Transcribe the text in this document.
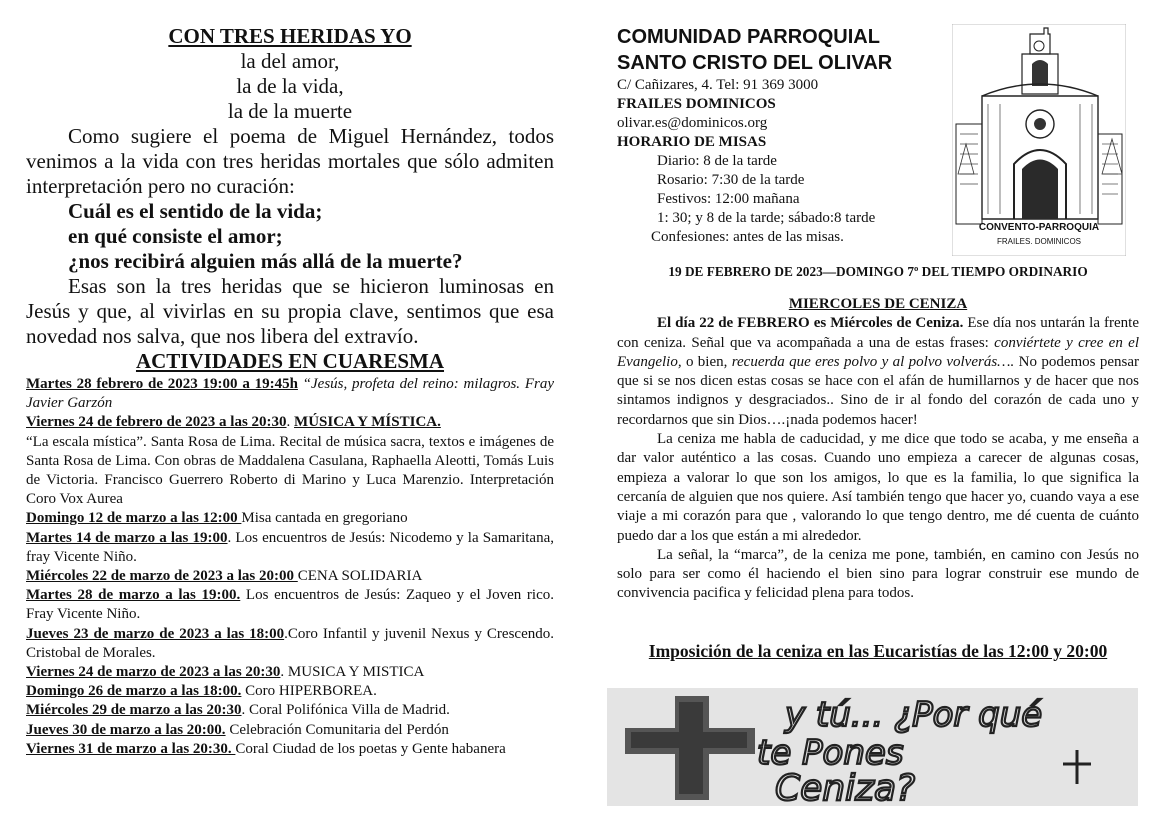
CON TRES HERIDAS YO
la del amor,
la de la vida,
la de la muerte
Como sugiere el poema de Miguel Hernández, todos venimos a la vida con tres heridas mortales que sólo admiten interpretación pero no curación:
Cuál es el sentido de la vida;
en qué consiste el amor;
¿nos recibirá alguien más allá de la muerte?
Esas son la tres heridas que se hicieron luminosas en Jesús y que, al vivirlas en su propia clave, sentimos que esa novedad nos salva, que nos libera del extravío.
ACTIVIDADES EN CUARESMA

Martes 28 febrero de 2023 19:00 a 19:45h “Jesús, profeta del reino: milagros. Fray Javier Garzón

Viernes 24 de febrero de 2023 a las 20:30. MÚSICA Y MÍSTICA.
“La escala mística”. Santa Rosa de Lima. Recital de música sacra, textos e imágenes de Santa Rosa de Lima. Con obras de Maddalena Casulana, Raphaella Aleotti, Tomás Luis de Victoria. Francisco Guerrero Roberto di Marino y Luca Marenzio. Interpretación Coro Vox Aurea

Domingo 12 de marzo a las 12:00 Misa cantada en gregoriano

Martes 14 de marzo a las 19:00. Los encuentros de Jesús: Nicodemo y la Samaritana, fray Vicente Niño.

Miércoles 22 de marzo de 2023 a las 20:00 CENA SOLIDARIA

Martes 28 de marzo a las 19:00. Los encuentros de Jesús: Zaqueo y el Joven rico. Fray Vicente Niño.

Jueves 23 de marzo de 2023 a las 18:00.Coro Infantil y juvenil Nexus y Crescendo. Cristobal de Morales.

Viernes 24 de marzo de 2023 a las 20:30. MUSICA Y MISTICA

Domingo 26 de marzo a las 18:00. Coro HIPERBOREA.

Miércoles 29 de marzo a las 20:30. Coral Polifónica Villa de Madrid.

Jueves 30 de marzo a las 20:00. Celebración Comunitaria del Perdón

Viernes 31 de marzo a las 20:30. Coral Ciudad de los poetas y Gente habanera

COMUNIDAD PARROQUIAL
SANTO CRISTO DEL OLIVAR
C/ Cañizares, 4. Tel: 91 369 3000
FRAILES DOMINICOS
olivar.es@dominicos.org
HORARIO DE MISAS
Diario: 8 de la tarde
Rosario: 7:30 de la tarde
Festivos: 12:00 mañana
1: 30; y 8 de la tarde; sábado:8 tarde
Confesiones: antes de las misas.
CONVENTO-PARROQUIA
FRAILES. DOMINICOS
19 DE FEBRERO DE 2023—DOMINGO 7º DEL TIEMPO ORDINARIO

MIERCOLES DE CENIZA

El día 22 de FEBRERO es Miércoles de Ceniza. Ese día nos untarán la frente con ceniza. Señal que va acompañada a una de estas frases: conviértete y cree en el Evangelio, o bien, recuerda que eres polvo y al polvo volverás…. No podemos pensar que si se nos dicen estas cosas se hace con el afán de humillarnos y de hacer que nos sintamos indignos y desgraciados.. Sino de ir al fondo del corazón de cada uno y recordarnos que sin Dios….¡nada podemos hacer!

La ceniza me habla de caducidad, y me dice que todo se acaba, y me enseña a dar valor auténtico a las cosas. Cuando uno empieza a carecer de algunas cosas, empieza a valorar lo que son los amigos, lo que es la familia, lo que significa la cercanía de alguien que nos quiere. Así también tengo que hacer yo, cuando vaya a ese viaje a mi corazón para que , valorando lo que tengo dentro, me dé cuenta de cuánto puedo dar a los que están a mi alrededor.

La señal, la “marca”, de la ceniza me pone, también, en camino con Jesús no solo para ser como él haciendo el bien sino para lograr construir ese mundo de convivencia pacifica y felicidad plena para todos.

Imposición de la ceniza en las Eucaristías de las 12:00 y 20:00
y tú... ¿Por qué
te Pones
Ceniza?
